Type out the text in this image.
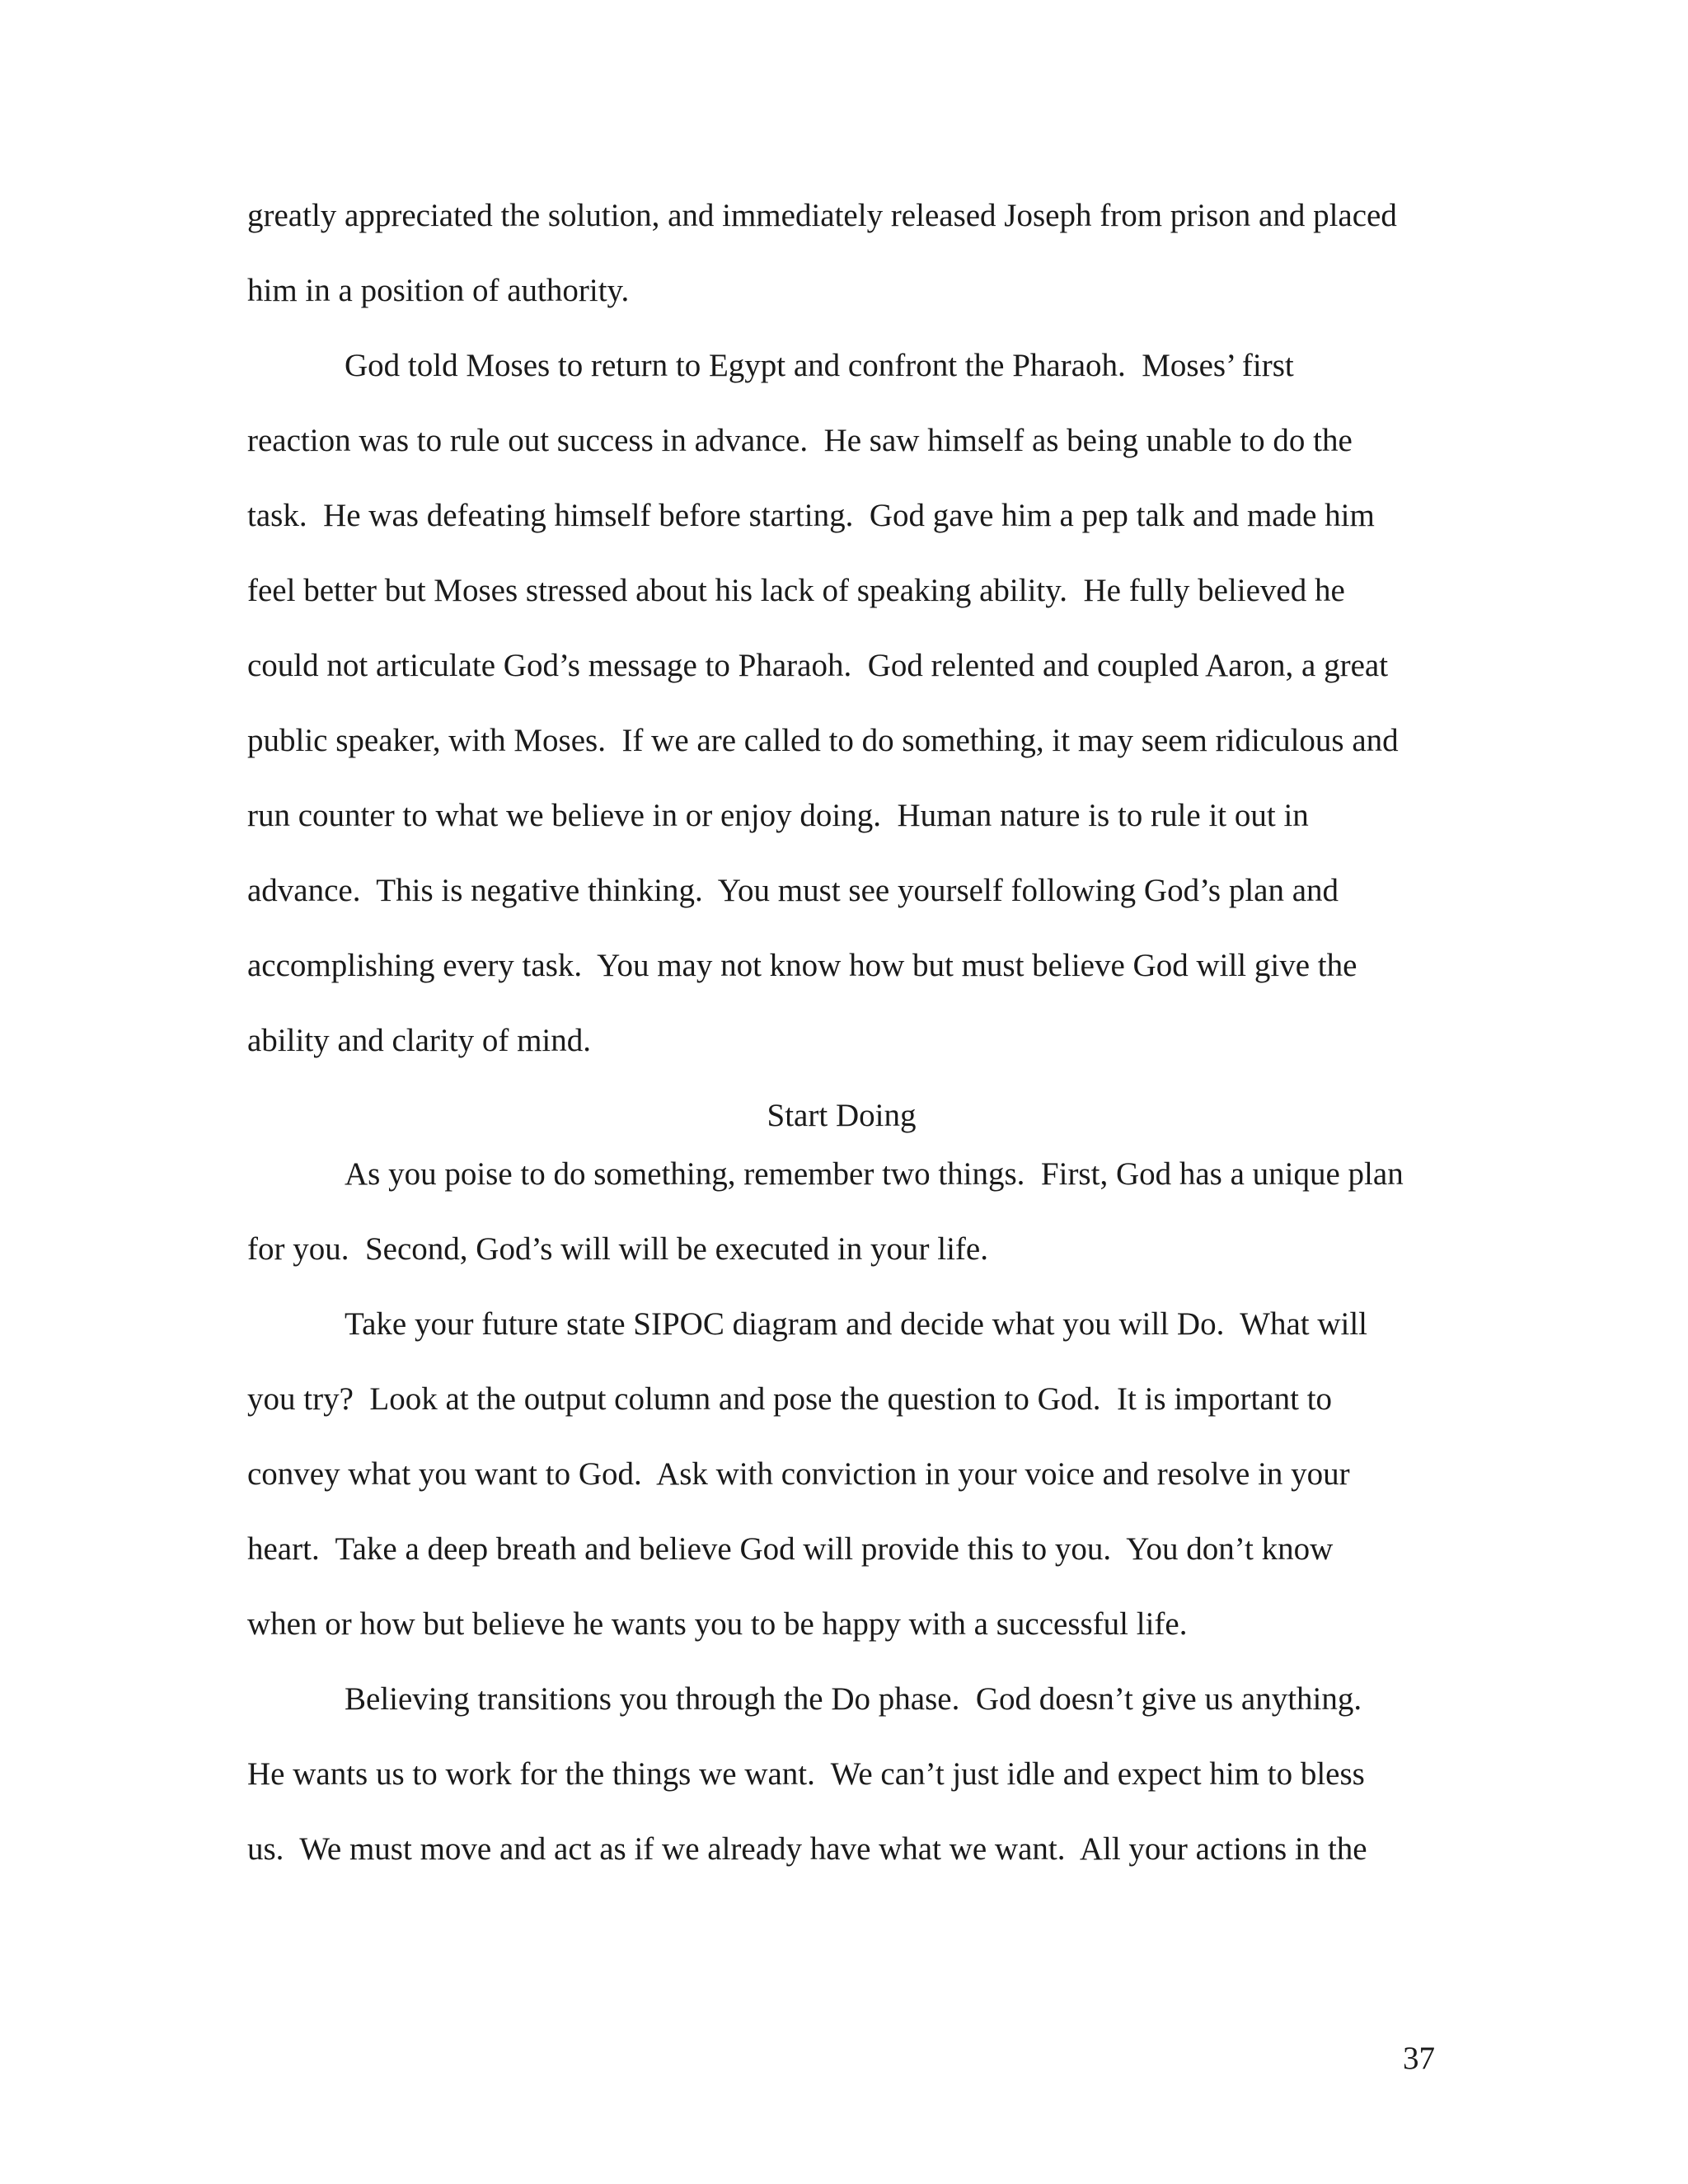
greatly appreciated the solution, and immediately released Joseph from prison and placed

him in a position of authority.

God told Moses to return to Egypt and confront the Pharaoh.  Moses’ first

reaction was to rule out success in advance.  He saw himself as being unable to do the

task.  He was defeating himself before starting.  God gave him a pep talk and made him

feel better but Moses stressed about his lack of speaking ability.  He fully believed he

could not articulate God’s message to Pharaoh.  God relented and coupled Aaron, a great

public speaker, with Moses.  If we are called to do something, it may seem ridiculous and

run counter to what we believe in or enjoy doing.  Human nature is to rule it out in

advance.  This is negative thinking.  You must see yourself following God’s plan and

accomplishing every task.  You may not know how but must believe God will give the

ability and clarity of mind.

Start Doing

As you poise to do something, remember two things.  First, God has a unique plan

for you.  Second, God’s will will be executed in your life.

Take your future state SIPOC diagram and decide what you will Do.  What will

you try?  Look at the output column and pose the question to God.  It is important to

convey what you want to God.  Ask with conviction in your voice and resolve in your

heart.  Take a deep breath and believe God will provide this to you.  You don’t know

when or how but believe he wants you to be happy with a successful life.

Believing transitions you through the Do phase.  God doesn’t give us anything.

He wants us to work for the things we want.  We can’t just idle and expect him to bless

us.  We must move and act as if we already have what we want.  All your actions in the

37
